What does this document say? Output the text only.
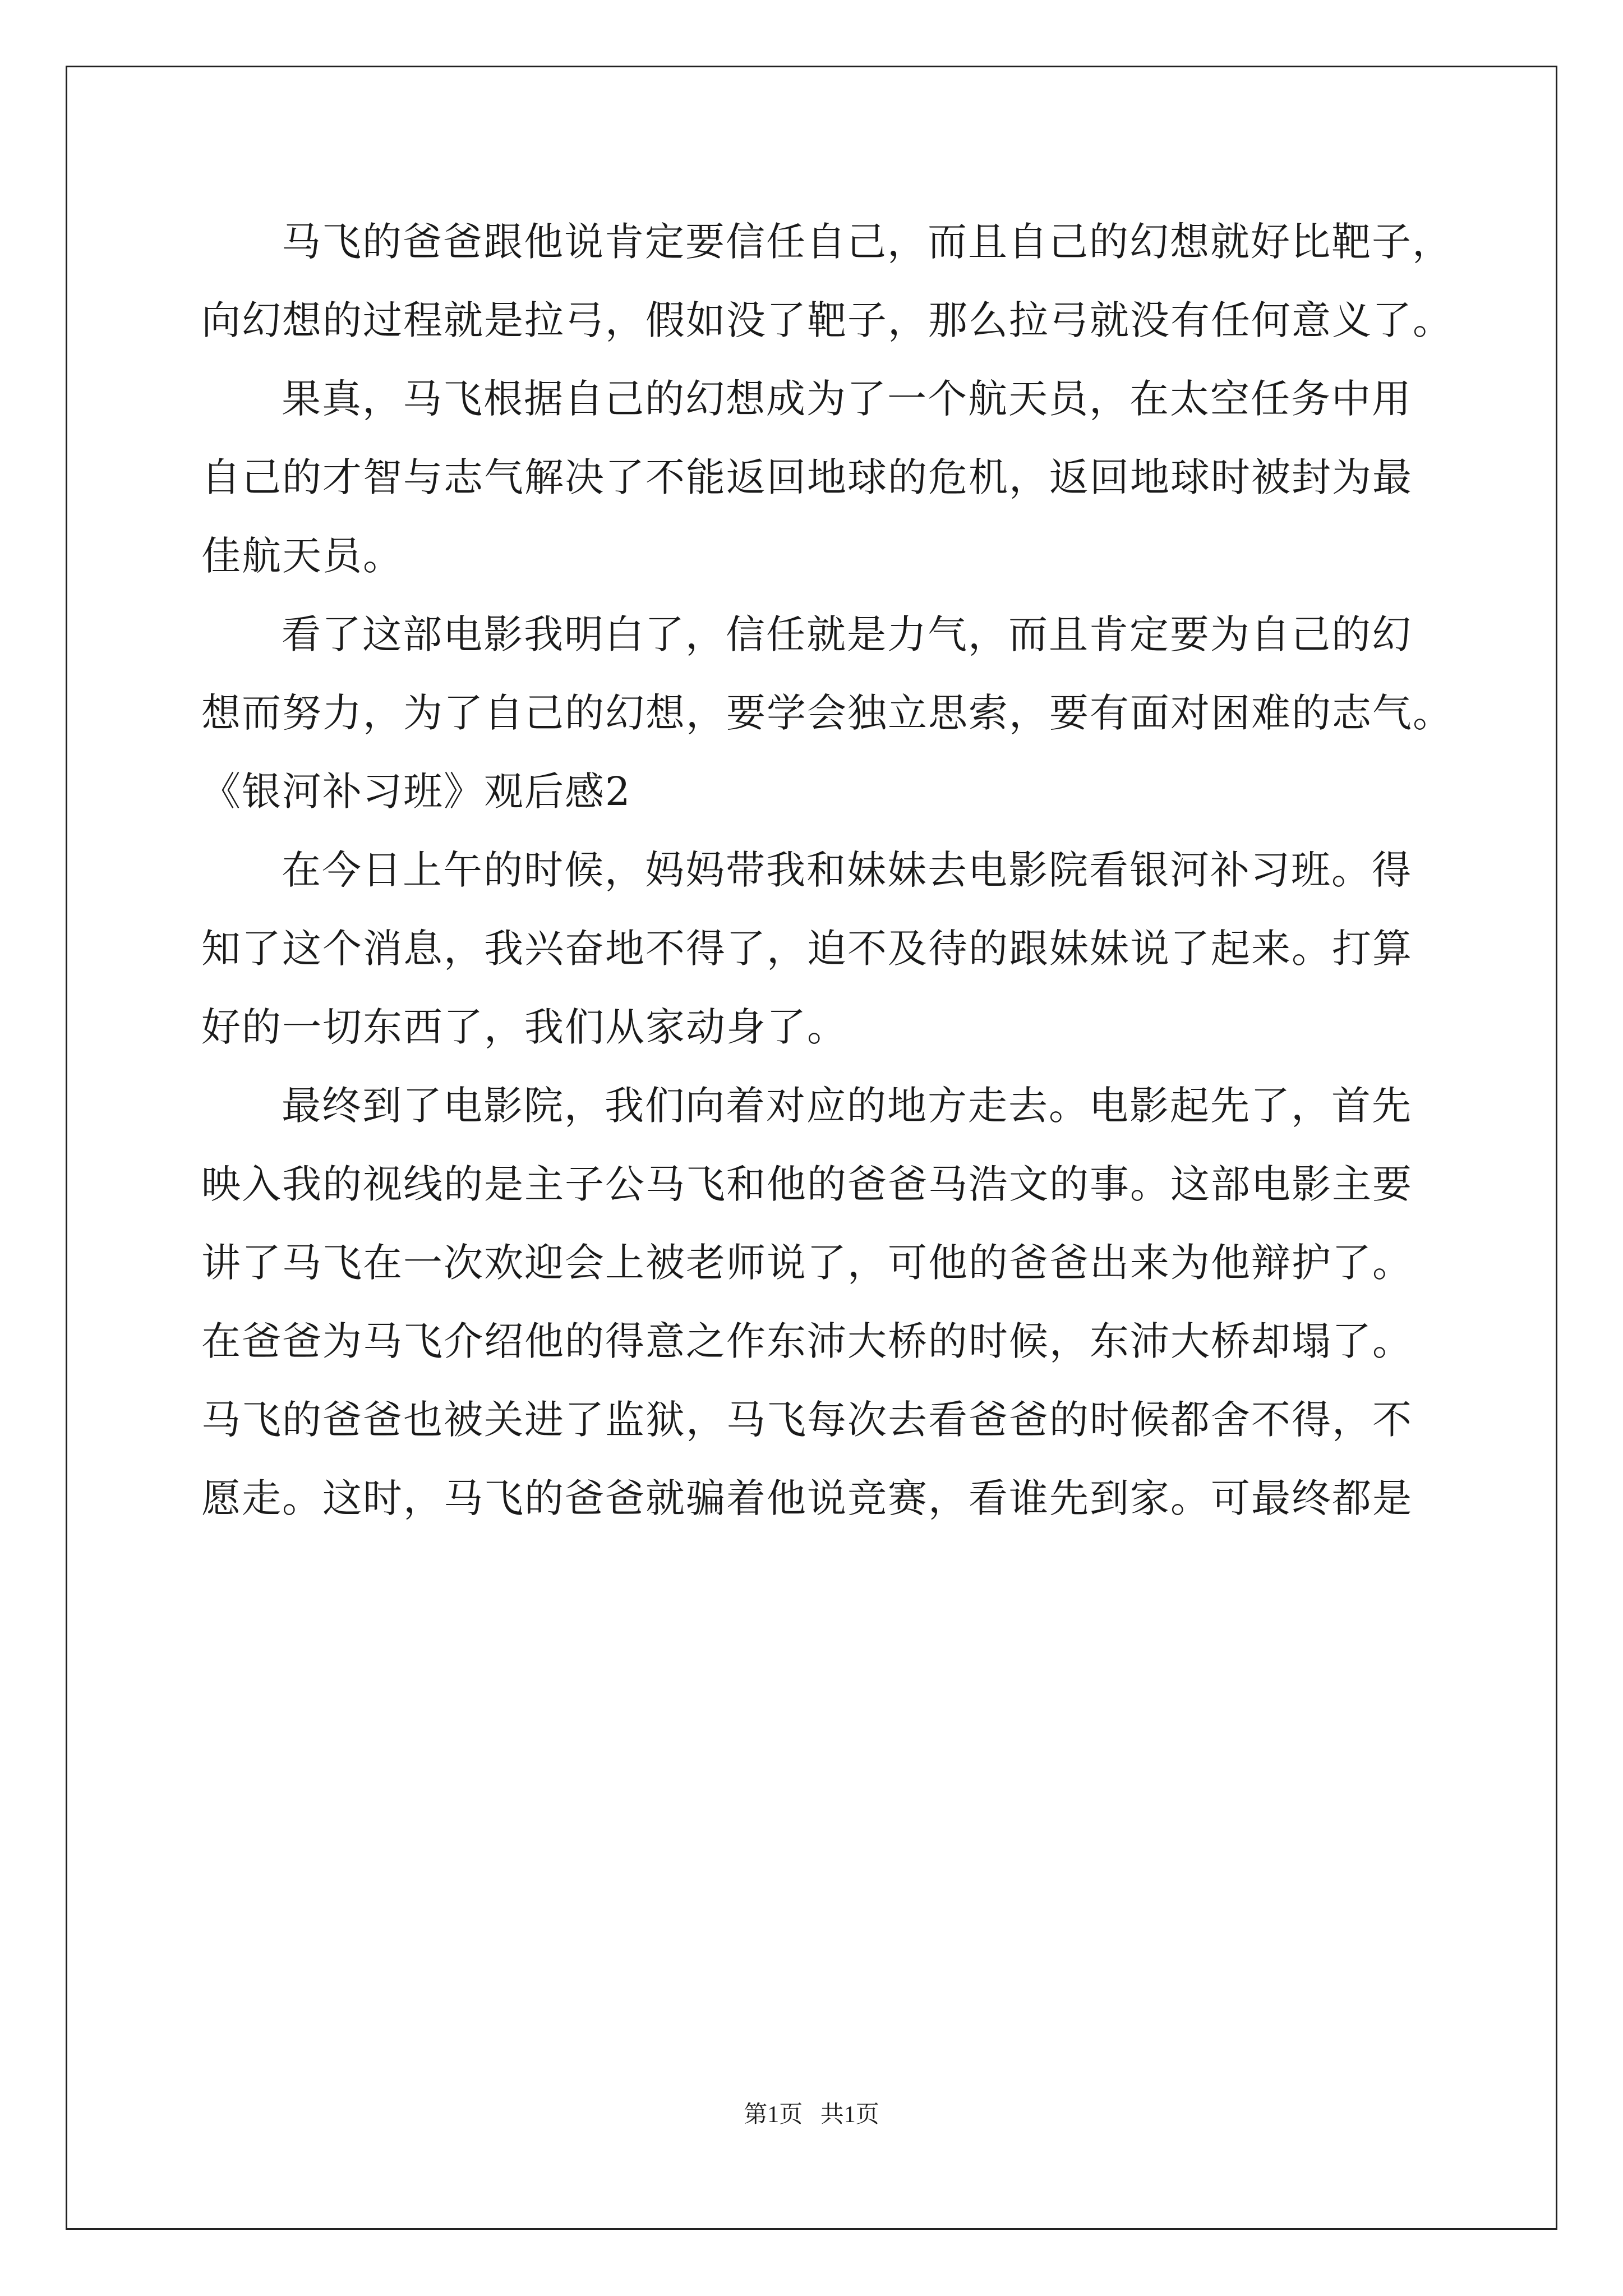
马飞的爸爸跟他说肯定要信任自己，而且自己的幻想就好比靶子，
向幻想的过程就是拉弓，假如没了靶子，那么拉弓就没有任何意义了。
果真，马飞根据自己的幻想成为了一个航天员，在太空任务中用
自己的才智与志气解决了不能返回地球的危机，返回地球时被封为最
佳航天员。
看了这部电影我明白了，信任就是力气，而且肯定要为自己的幻
想而努力，为了自己的幻想，要学会独立思索，要有面对困难的志气。
《银河补习班》观后感2
在今日上午的时候，妈妈带我和妹妹去电影院看银河补习班。得
知了这个消息，我兴奋地不得了，迫不及待的跟妹妹说了起来。打算
好的一切东西了，我们从家动身了。
最终到了电影院，我们向着对应的地方走去。电影起先了，首先
映入我的视线的是主子公马飞和他的爸爸马浩文的事。这部电影主要
讲了马飞在一次欢迎会上被老师说了，可他的爸爸出来为他辩护了。
在爸爸为马飞介绍他的得意之作东沛大桥的时候，东沛大桥却塌了。
马飞的爸爸也被关进了监狱，马飞每次去看爸爸的时候都舍不得，不
愿走。这时，马飞的爸爸就骗着他说竞赛，看谁先到家。可最终都是
第1页   共1页
